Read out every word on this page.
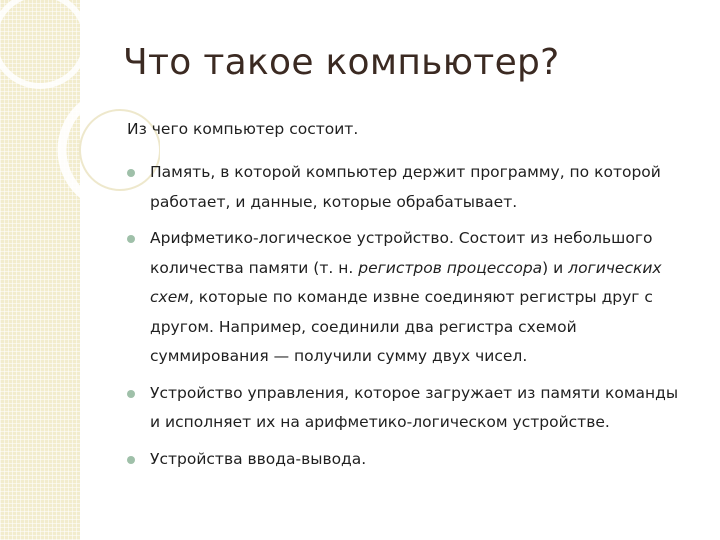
Что такое компьютер?

Из чего компьютер состоит.

Память, в которой компьютер держит программу, по которой работает, и данные, которые обрабатывает.
Арифметико-логическое устройство. Состоит из небольшого количества памяти (т. н. регистров процессора) и логических схем, которые по команде извне соединяют регистры друг с другом. Например, соединили два регистра схемой суммирования — получили сумму двух чисел.
Устройство управления, которое загружает из памяти команды и исполняет их на арифметико-логическом устройстве.
Устройства ввода-вывода.
